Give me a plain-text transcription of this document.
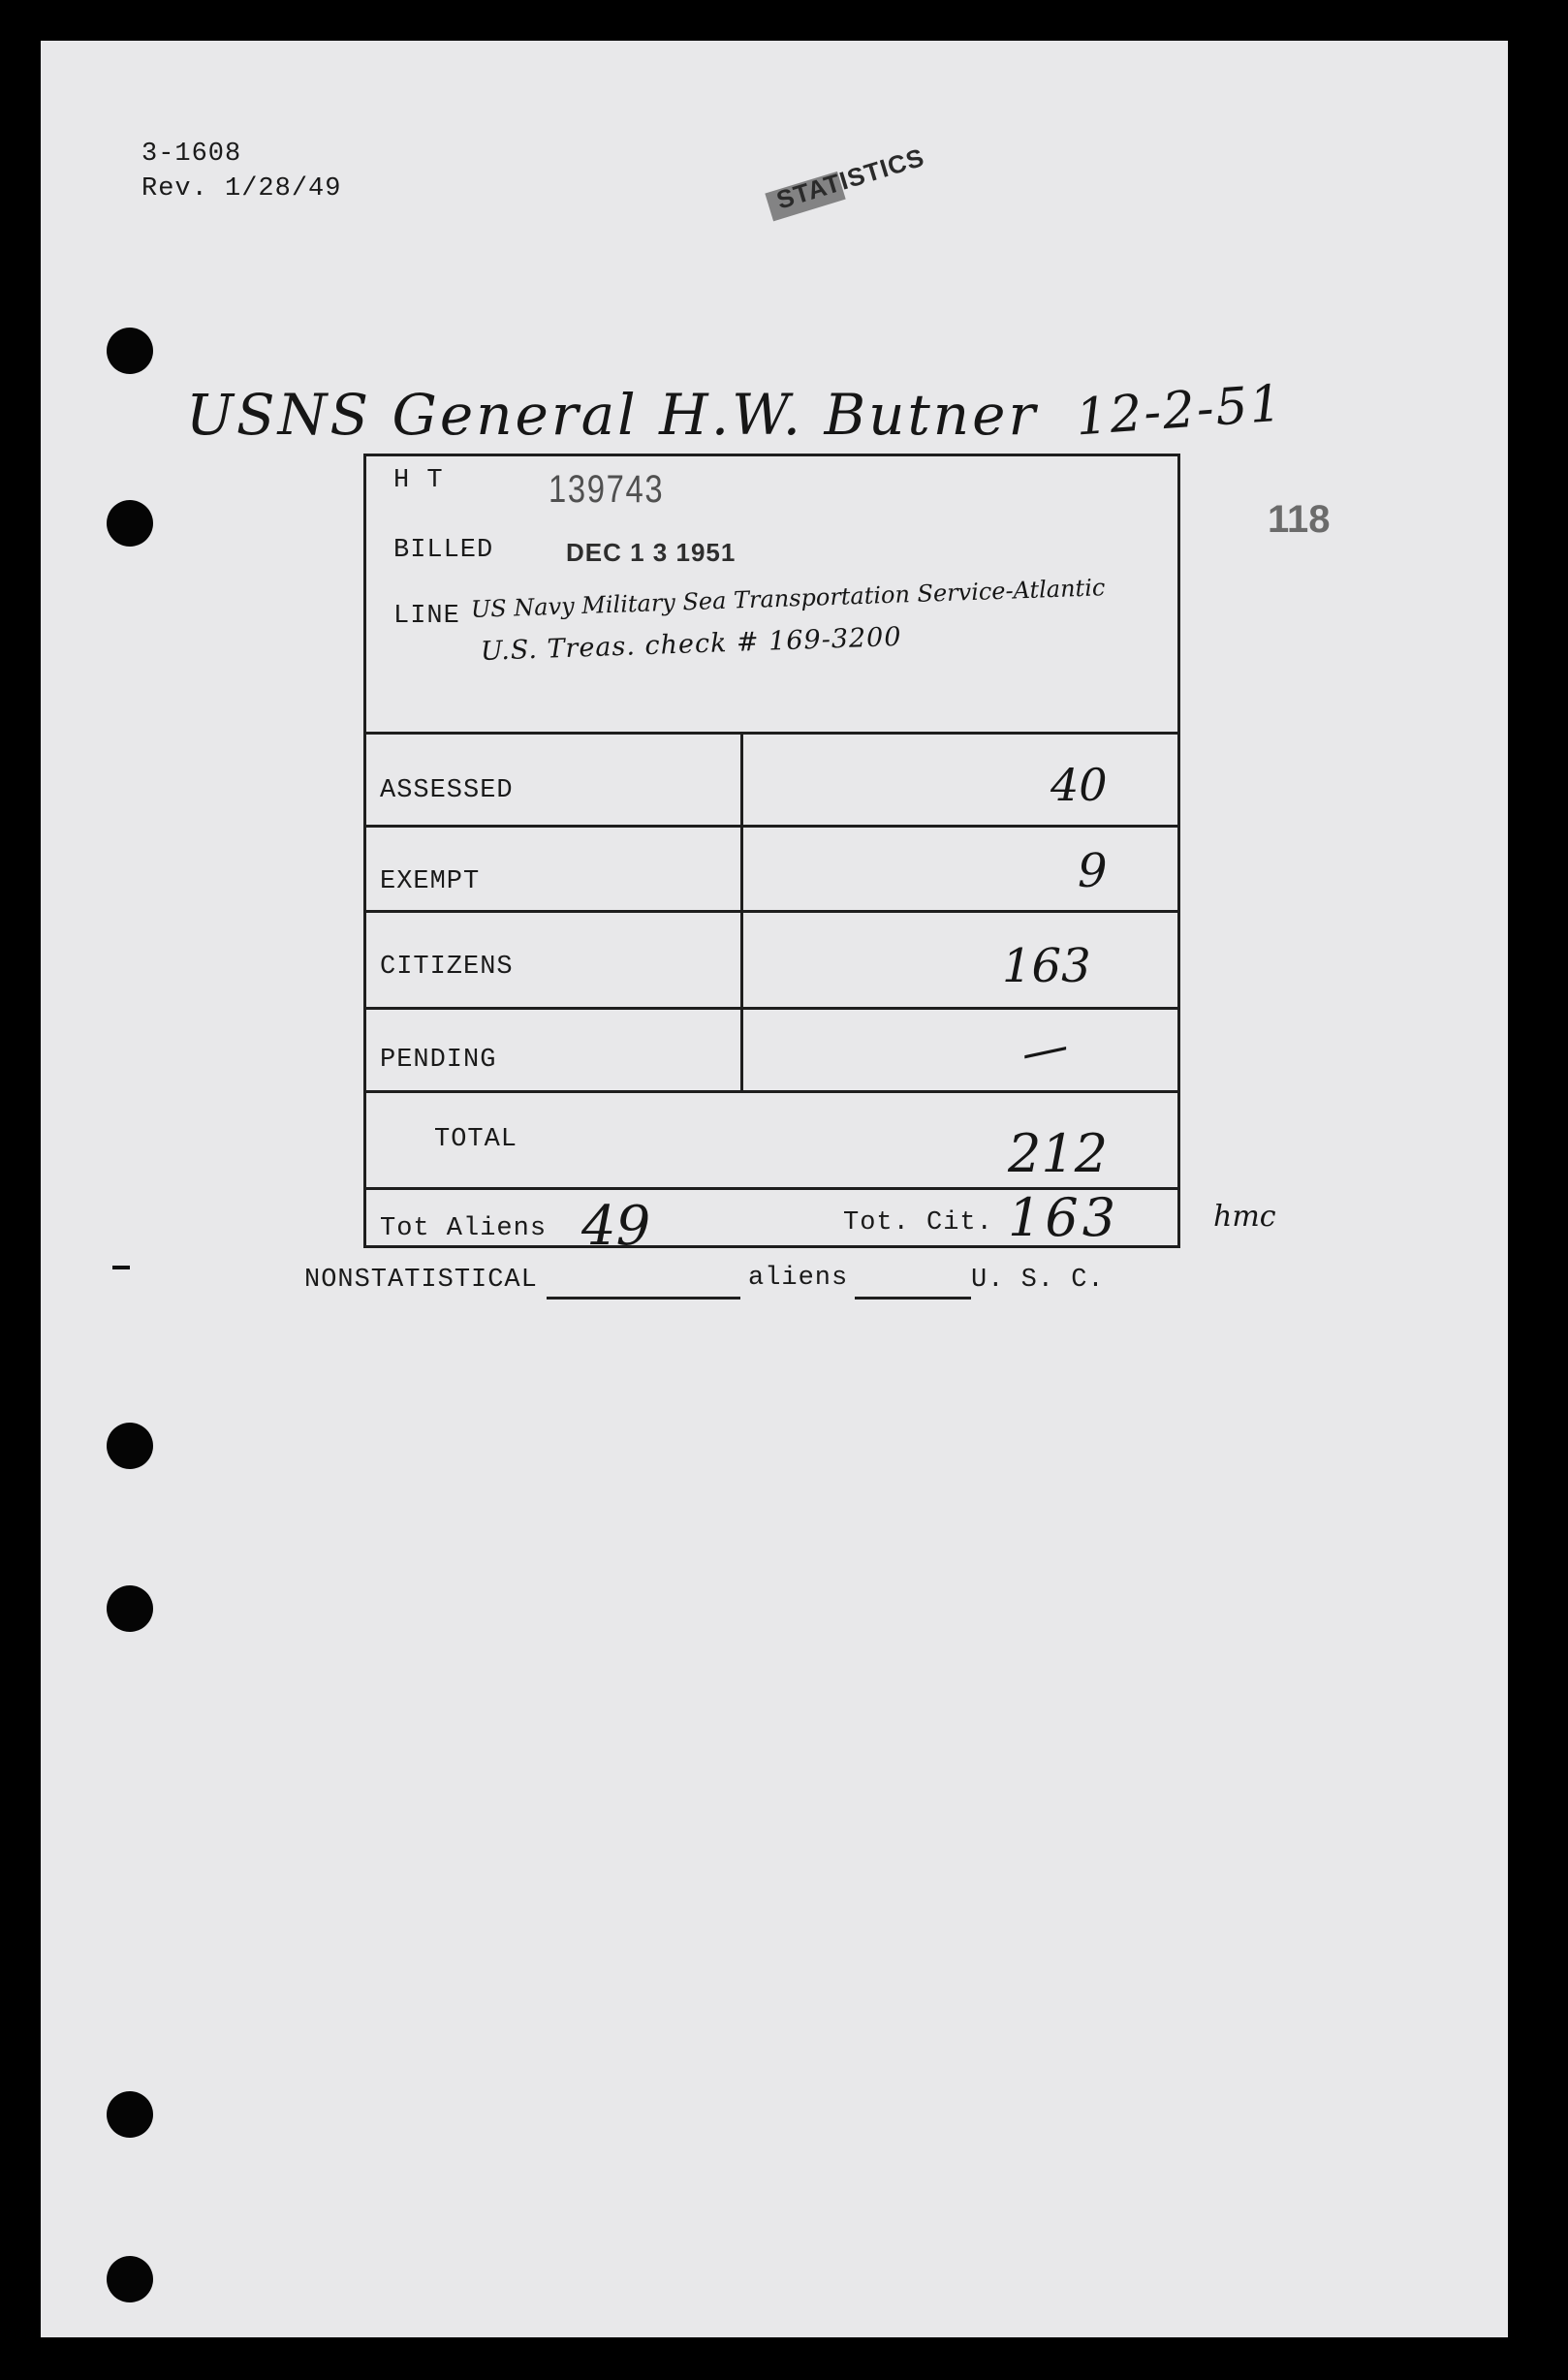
3-1608
Rev. 1/28/49	STATISTICS
USNS General H.W. Butner 12-2-51
118
H T	139743
BILLED	DEC 1 3 1951
LINE US Navy Military Sea Transportation Service-Atlantic
U.S. Treas. check # 169-3200
ASSESSED	40
EXEMPT	9
CITIZENS	163
PENDING	—
TOTAL	212
Tot Aliens 49	Tot. Cit. 163	hmc
NONSTATISTICAL	aliens	U. S. C.
